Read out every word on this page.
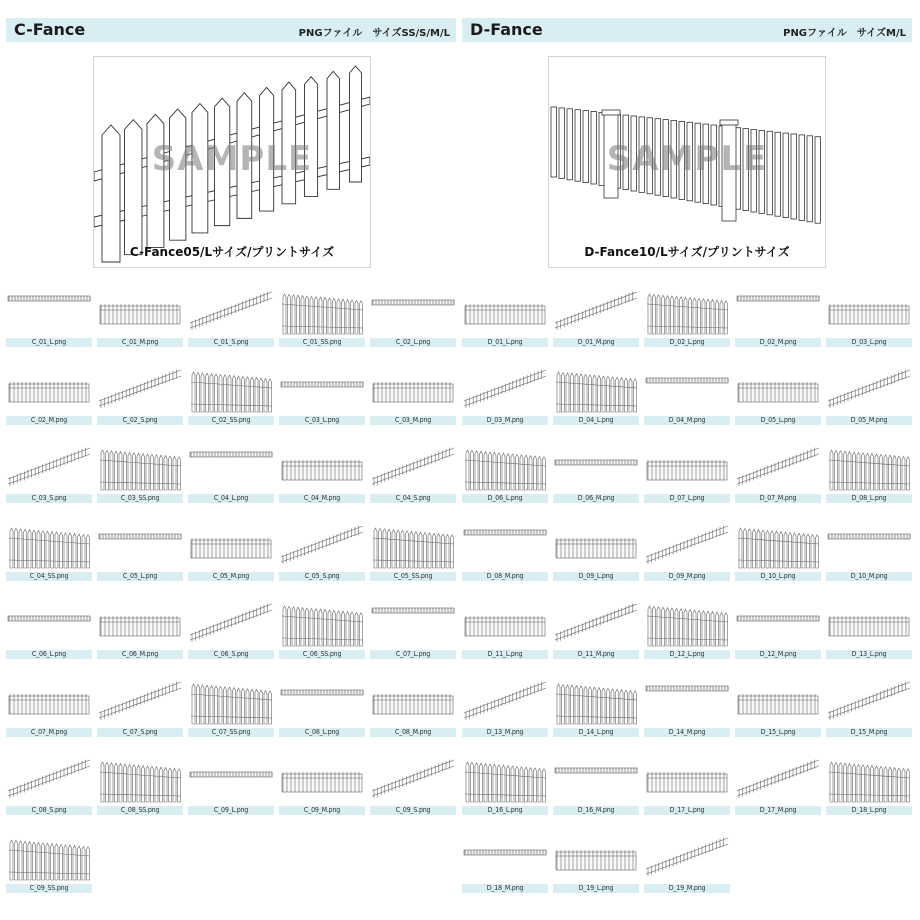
C-Fance	PNGファイル　サイズSS/S/M/L
SAMPLE
C-Fance05/Lサイズ/プリントサイズ
C_01_L.png	C_01_M.png	C_01_S.png	C_01_SS.png	C_02_L.png
C_02_M.png	C_02_S.png	C_02_SS.png	C_03_L.png	C_03_M.png
C_03_S.png	C_03_SS.png	C_04_L.png	C_04_M.png	C_04_S.png
C_04_SS.png	C_05_L.png	C_05_M.png	C_05_S.png	C_05_SS.png
C_06_L.png	C_06_M.png	C_06_S.png	C_06_SS.png	C_07_L.png
C_07_M.png	C_07_S.png	C_07_SS.png	C_08_L.png	C_08_M.png
C_08_S.png	C_08_SS.png	C_09_L.png	C_09_M.png	C_09_S.png
C_09_SS.png
D-Fance	PNGファイル　サイズM/L
SAMPLE
D-Fance10/Lサイズ/プリントサイズ
D_01_L.png	D_01_M.png	D_02_L.png	D_02_M.png	D_03_L.png
D_03_M.png	D_04_L.png	D_04_M.png	D_05_L.png	D_05_M.png
D_06_L.png	D_06_M.png	D_07_L.png	D_07_M.png	D_08_L.png
D_08_M.png	D_09_L.png	D_09_M.png	D_10_L.png	D_10_M.png
D_11_L.png	D_11_M.png	D_12_L.png	D_12_M.png	D_13_L.png
D_13_M.png	D_14_L.png	D_14_M.png	D_15_L.png	D_15_M.png
D_16_L.png	D_16_M.png	D_17_L.png	D_17_M.png	D_18_L.png
D_18_M.png	D_19_L.png	D_19_M.png
